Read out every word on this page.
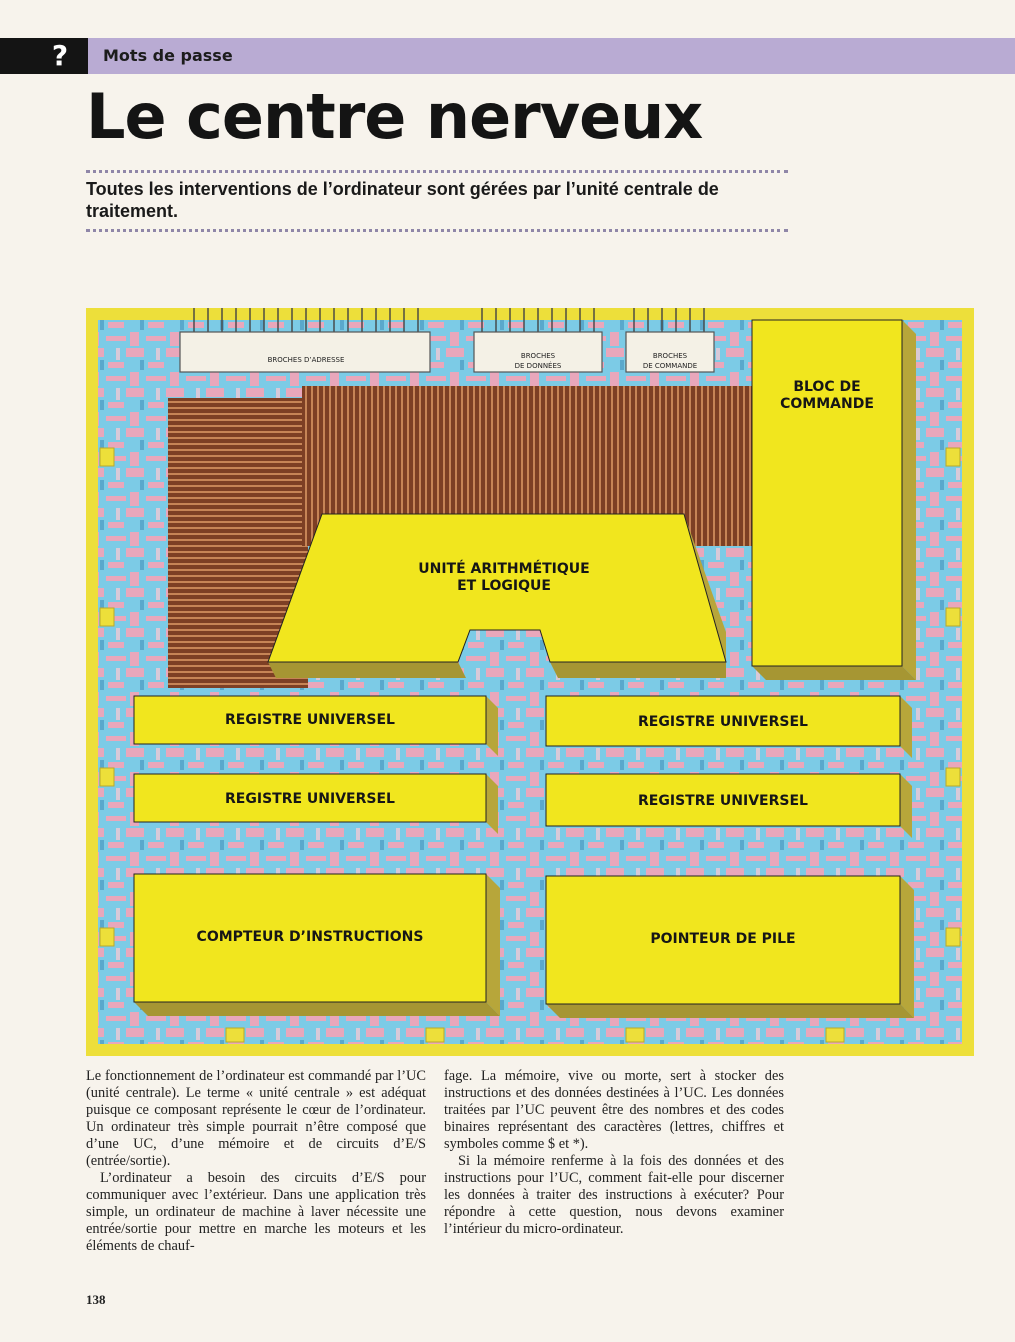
?	Mots de passe
Le centre nerveux
Toutes les interventions de l’ordinateur sont gérées par l’unité centrale de traitement.
BROCHES D’ADRESSE	BROCHES
DE DONNÉES
BROCHES
DE COMMANDE
BLOC DE
COMMANDE
UNITÉ ARITHMÉTIQUE
ET LOGIQUE
REGISTRE UNIVERSEL	REGISTRE UNIVERSEL
REGISTRE UNIVERSEL	REGISTRE UNIVERSEL
COMPTEUR D’INSTRUCTIONS	POINTEUR DE PILE

Le fonctionnement de l’ordinateur est commandé par l’UC (unité centrale). Le terme « unité centrale » est adéquat puisque ce composant représente le cœur de l’ordinateur. Un ordinateur très simple pourrait n’être composé que d’une UC, d’une mémoire et de circuits d’E/S (entrée/sortie).

L’ordinateur a besoin des circuits d’E/S pour communiquer avec l’extérieur. Dans une application très simple, un ordinateur de machine à laver nécessite une entrée/sortie pour mettre en marche les moteurs et les éléments de chauf-

fage. La mémoire, vive ou morte, sert à stocker des instructions et des données destinées à l’UC. Les données traitées par l’UC peuvent être des nombres et des codes binaires représentant des caractères (lettres, chiffres et symboles comme $ et *).

Si la mémoire renferme à la fois des données et des instructions pour l’UC, comment fait-elle pour discerner les données à traiter des instructions à exécuter? Pour répondre à cette question, nous devons examiner l’intérieur du micro-ordinateur.

138
